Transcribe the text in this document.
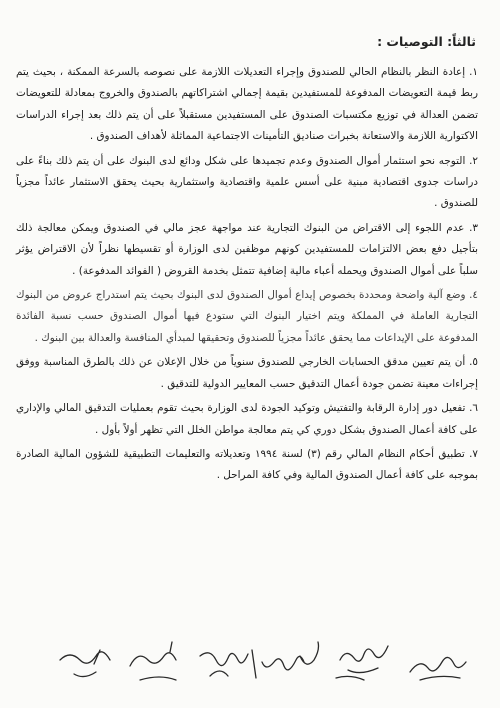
ثالثاً: التوصيات :
١. إعادة النظر بالنظام الحالي للصندوق وإجراء التعديلات اللازمة على نصوصه بالسرعة الممكنة ، بحيث يتم ربط قيمة التعويضات المدفوعة للمستفيدين بقيمة إجمالي اشتراكاتهم بالصندوق والخروج بمعادلة للتعويضات تضمن العدالة في توزيع مكتسبات الصندوق على المستفيدين مستقبلاً على أن يتم ذلك بعد إجراء الدراسات الاكتوارية اللازمة والاستعانة بخبرات صناديق التأمينات الاجتماعية المماثلة لأهداف الصندوق .
٢. التوجه نحو استثمار أموال الصندوق وعدم تجميدها على شكل ودائع لدى البنوك على أن يتم ذلك بناءً على دراسات جدوى اقتصادية مبنية على أسس علمية واقتصادية واستثمارية بحيث يحقق الاستثمار عائداً مجزياً للصندوق .
٣. عدم اللجوء إلى الاقتراض من البنوك التجارية عند مواجهة عجز مالي في الصندوق ويمكن معالجة ذلك بتأجيل دفع بعض الالتزامات للمستفيدين كونهم موظفين لدى الوزارة أو تقسيطها نظراً لأن الاقتراض يؤثر سلباً على أموال الصندوق ويحمله أعباء مالية إضافية تتمثل بخدمة القروض ( الفوائد المدفوعة) .
٤. وضع آلية واضحة ومحددة بخصوص إيداع أموال الصندوق لدى البنوك بحيث يتم استدراج عروض من البنوك التجارية العاملة في المملكة ويتم اختيار البنوك التي ستودع فيها أموال الصندوق حسب نسبة الفائدة المدفوعة على الإيداعات مما يحقق عائداً مجزياً للصندوق وتحقيقها لمبدأي المنافسة والعدالة بين البنوك .
٥. أن يتم تعيين مدقق الحسابات الخارجي للصندوق سنوياً من خلال الإعلان عن ذلك بالطرق المناسبة ووفق إجراءات معينة تضمن جودة أعمال التدقيق حسب المعايير الدولية للتدقيق .
٦. تفعيل دور إدارة الرقابة والتفتيش وتوكيد الجودة لدى الوزارة بحيث تقوم بعمليات التدقيق المالي والإداري على كافة أعمال الصندوق بشكل دوري كي يتم معالجة مواطن الخلل التي تظهر أولاً بأول .
٧. تطبيق أحكام النظام المالي رقم (٣) لسنة ١٩٩٤ وتعديلاته والتعليمات التطبيقية للشؤون المالية الصادرة بموجبه على كافة أعمال الصندوق المالية وفي كافة المراحل .
